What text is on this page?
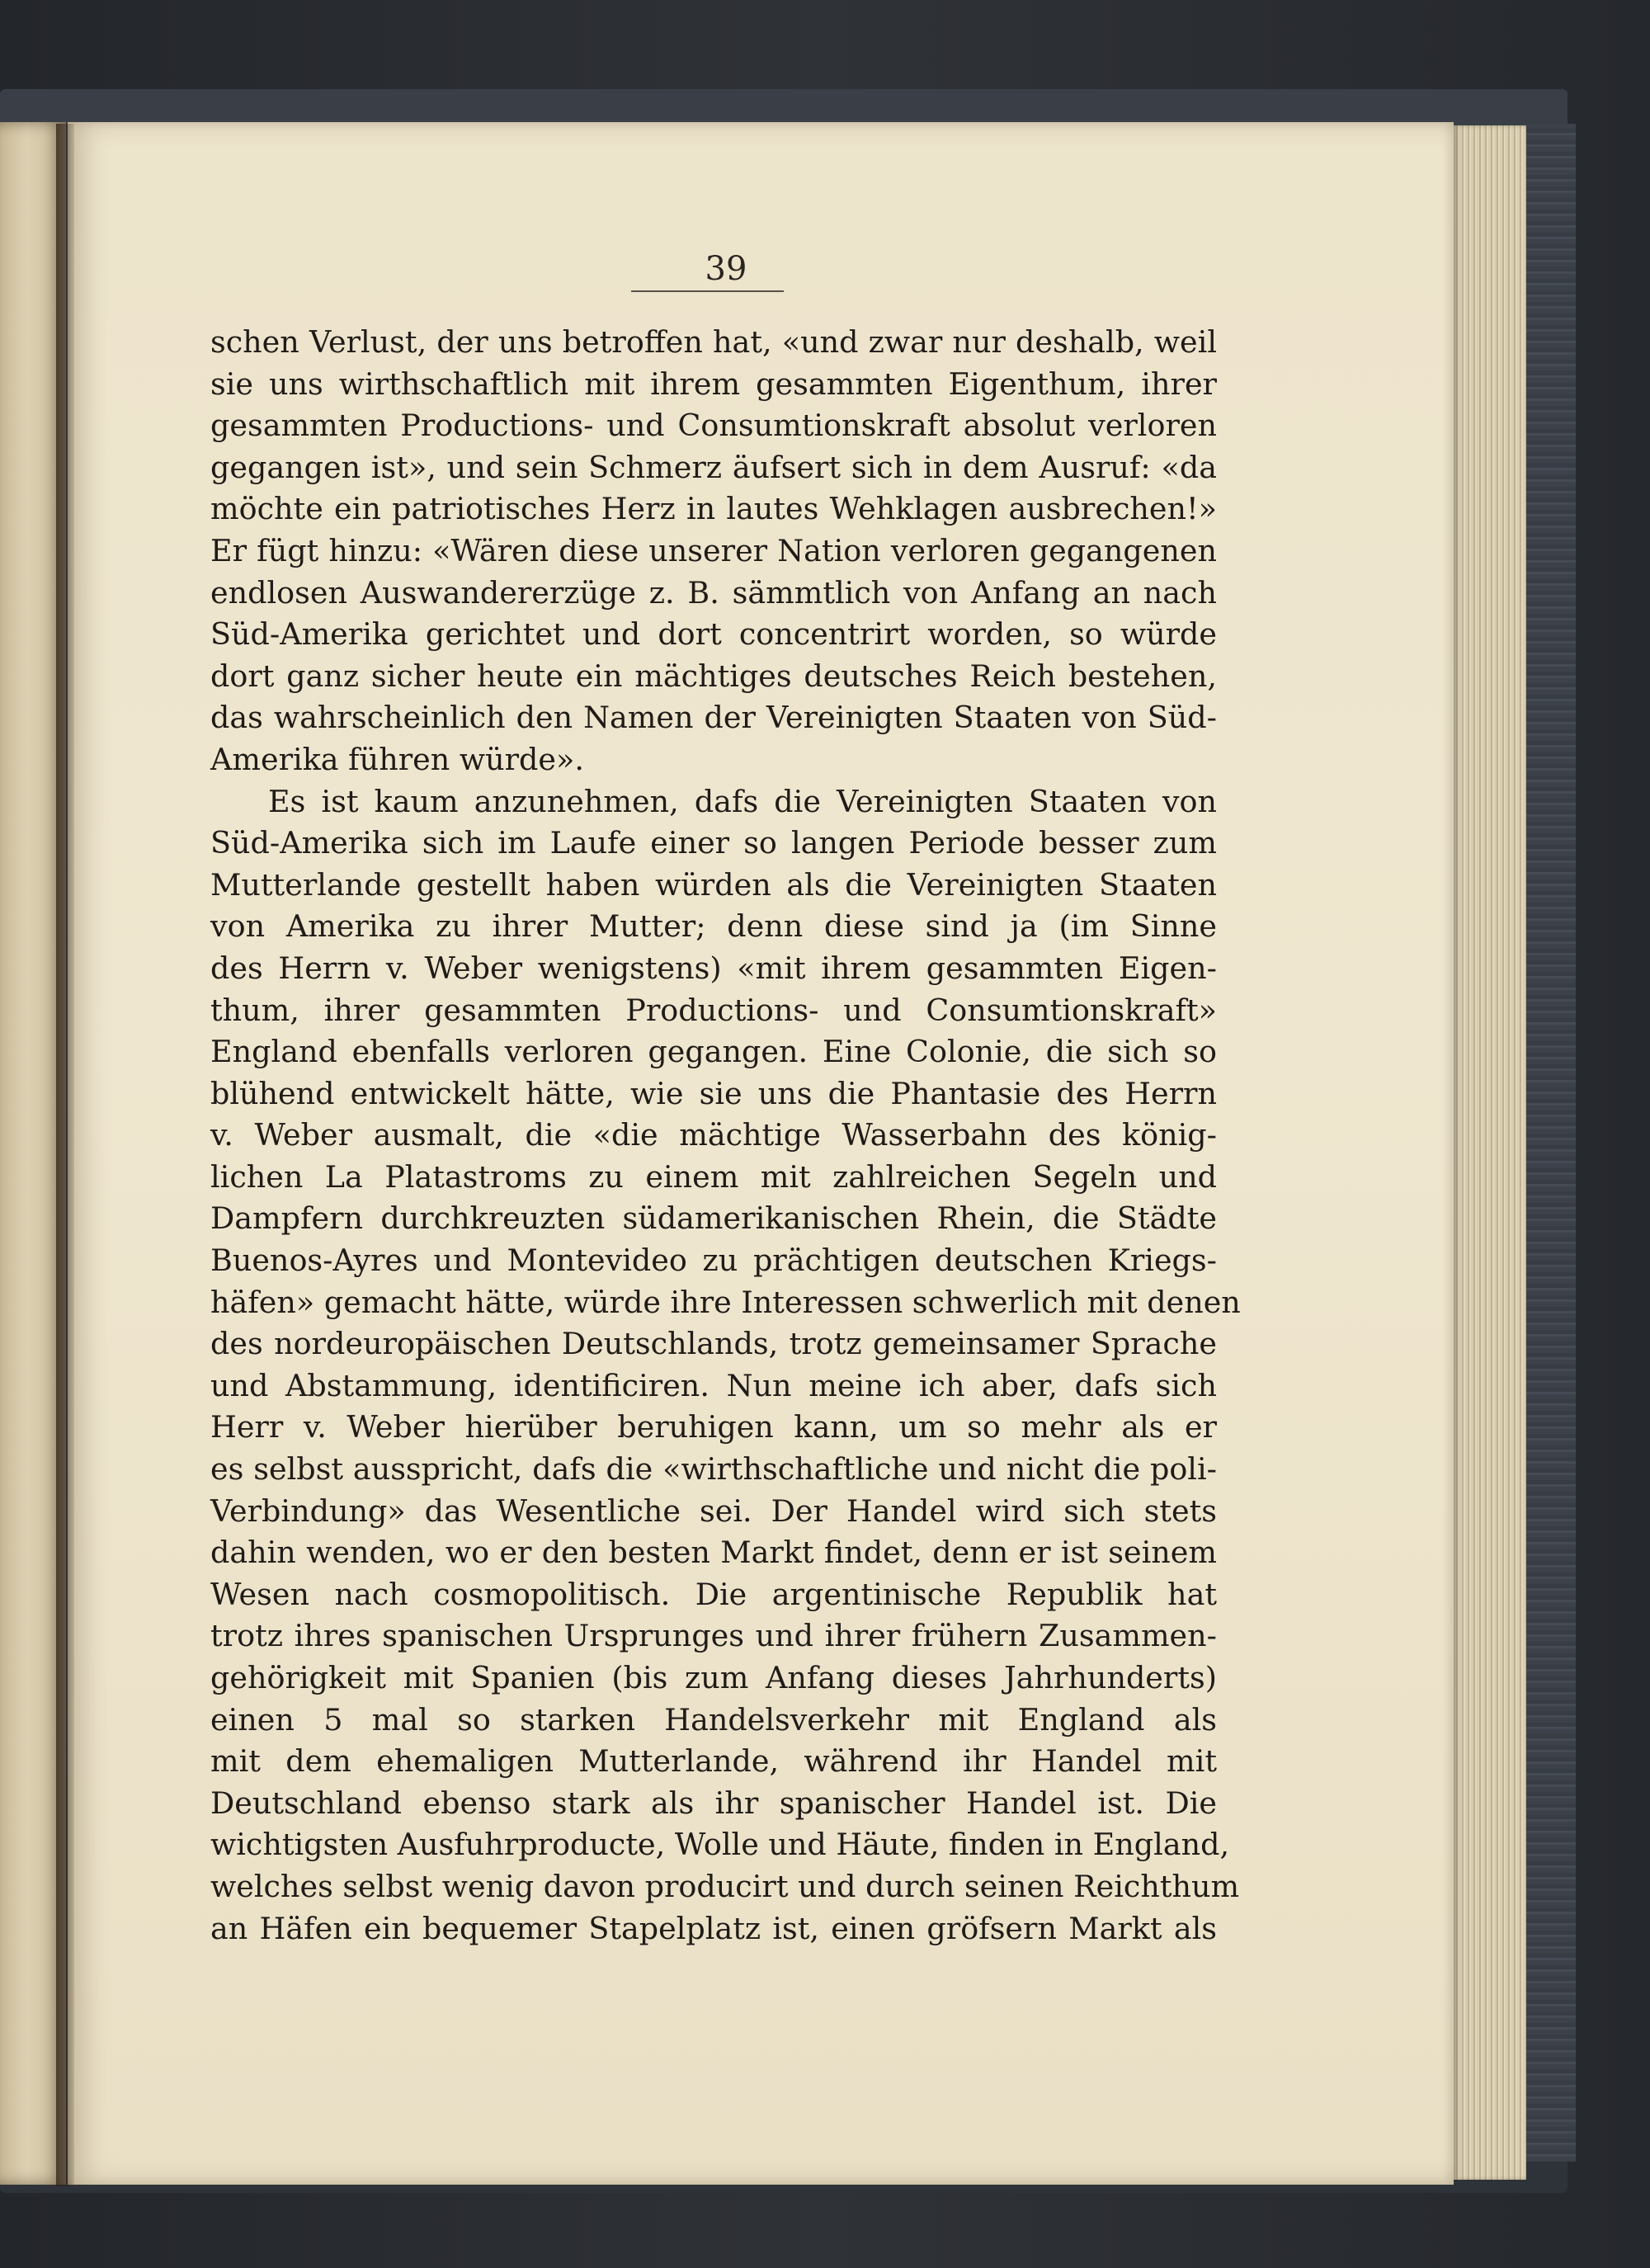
39
schen Verlust, der uns betroffen hat, «und zwar nur deshalb, weil
sie uns wirthschaftlich mit ihrem gesammten Eigenthum, ihrer
gesammten Productions- und Consumtionskraft absolut verloren
gegangen ist», und sein Schmerz äufsert sich in dem Ausruf: «da
möchte ein patriotisches Herz in lautes Wehklagen ausbrechen!»
Er fügt hinzu: «Wären diese unserer Nation verloren gegangenen
endlosen Auswandererzüge z. B. sämmtlich von Anfang an nach
Süd-Amerika gerichtet und dort concentrirt worden, so würde
dort ganz sicher heute ein mächtiges deutsches Reich bestehen,
das wahrscheinlich den Namen der Vereinigten Staaten von Süd-
Amerika führen würde».
Es ist kaum anzunehmen, dafs die Vereinigten Staaten von
Süd-Amerika sich im Laufe einer so langen Periode besser zum
Mutterlande gestellt haben würden als die Vereinigten Staaten
von Amerika zu ihrer Mutter; denn diese sind ja (im Sinne
des Herrn v. Weber wenigstens) «mit ihrem gesammten Eigen-
thum, ihrer gesammten Productions- und Consumtionskraft»
England ebenfalls verloren gegangen. Eine Colonie, die sich so
blühend entwickelt hätte, wie sie uns die Phantasie des Herrn
v. Weber ausmalt, die «die mächtige Wasserbahn des könig-
lichen La Platastroms zu einem mit zahlreichen Segeln und
Dampfern durchkreuzten südamerikanischen Rhein, die Städte
Buenos-Ayres und Montevideo zu prächtigen deutschen Kriegs-
häfen» gemacht hätte, würde ihre Interessen schwerlich mit denen
des nordeuropäischen Deutschlands, trotz gemeinsamer Sprache
und Abstammung, identificiren. Nun meine ich aber, dafs sich
Herr v. Weber hierüber beruhigen kann, um so mehr als er
es selbst ausspricht, dafs die «wirthschaftliche und nicht die poli-
Verbindung» das Wesentliche sei. Der Handel wird sich stets
dahin wenden, wo er den besten Markt findet, denn er ist seinem
Wesen nach cosmopolitisch. Die argentinische Republik hat
trotz ihres spanischen Ursprunges und ihrer frühern Zusammen-
gehörigkeit mit Spanien (bis zum Anfang dieses Jahrhunderts)
einen 5 mal so starken Handelsverkehr mit England als
mit dem ehemaligen Mutterlande, während ihr Handel mit
Deutschland ebenso stark als ihr spanischer Handel ist. Die
wichtigsten Ausfuhrproducte, Wolle und Häute, finden in England,
welches selbst wenig davon producirt und durch seinen Reichthum
an Häfen ein bequemer Stapelplatz ist, einen gröfsern Markt als
